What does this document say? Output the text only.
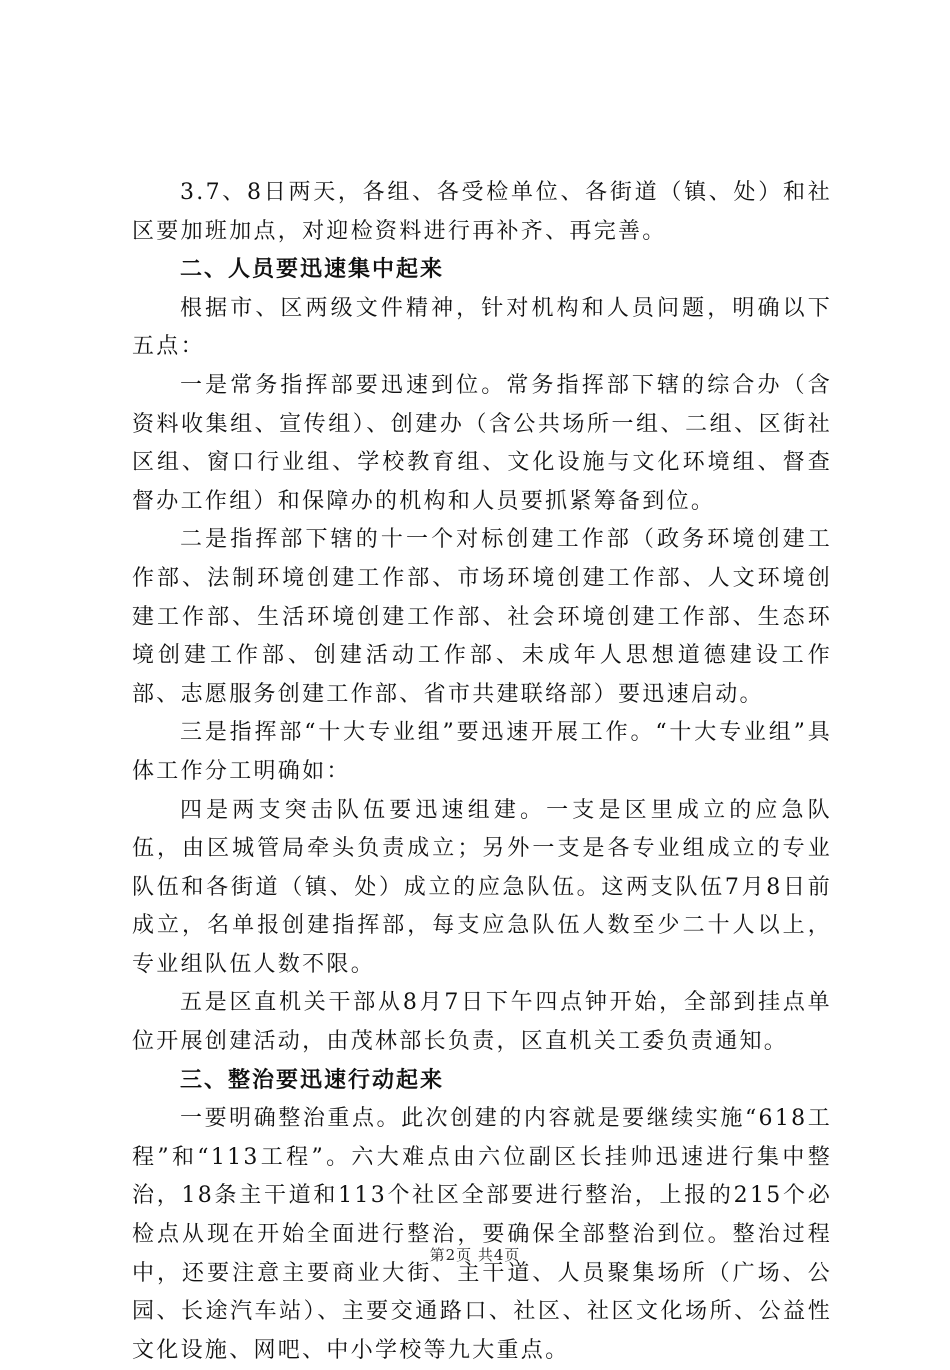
3.7、8日两天，各组、各受检单位、各街道（镇、处）和社区要加班加点，对迎检资料进行再补齐、再完善。

二、人员要迅速集中起来

根据市、区两级文件精神，针对机构和人员问题，明确以下五点：

一是常务指挥部要迅速到位。常务指挥部下辖的综合办（含资料收集组、宣传组）、创建办（含公共场所一组、二组、区街社区组、窗口行业组、学校教育组、文化设施与文化环境组、督查督办工作组）和保障办的机构和人员要抓紧筹备到位。

二是指挥部下辖的十一个对标创建工作部（政务环境创建工作部、法制环境创建工作部、市场环境创建工作部、人文环境创建工作部、生活环境创建工作部、社会环境创建工作部、生态环境创建工作部、创建活动工作部、未成年人思想道德建设工作部、志愿服务创建工作部、省市共建联络部）要迅速启动。

三是指挥部“十大专业组”要迅速开展工作。“十大专业组”具体工作分工明确如：

四是两支突击队伍要迅速组建。一支是区里成立的应急队伍，由区城管局牵头负责成立；另外一支是各专业组成立的专业队伍和各街道（镇、处）成立的应急队伍。这两支队伍7月8日前成立，名单报创建指挥部，每支应急队伍人数至少二十人以上，专业组队伍人数不限。

五是区直机关干部从8月7日下午四点钟开始，全部到挂点单位开展创建活动，由茂林部长负责，区直机关工委负责通知。

三、整治要迅速行动起来

一要明确整治重点。此次创建的内容就是要继续实施“618工程”和“113工程”。六大难点由六位副区长挂帅迅速进行集中整治，18条主干道和113个社区全部要进行整治，上报的215个必检点从现在开始全面进行整治，要确保全部整治到位。整治过程中，还要注意主要商业大街、主干道、人员聚集场所（广场、公园、长途汽车站）、主要交通路口、社区、社区文化场所、公益性文化设施、网吧、中小学校等九大重点。

第2页 共4页
